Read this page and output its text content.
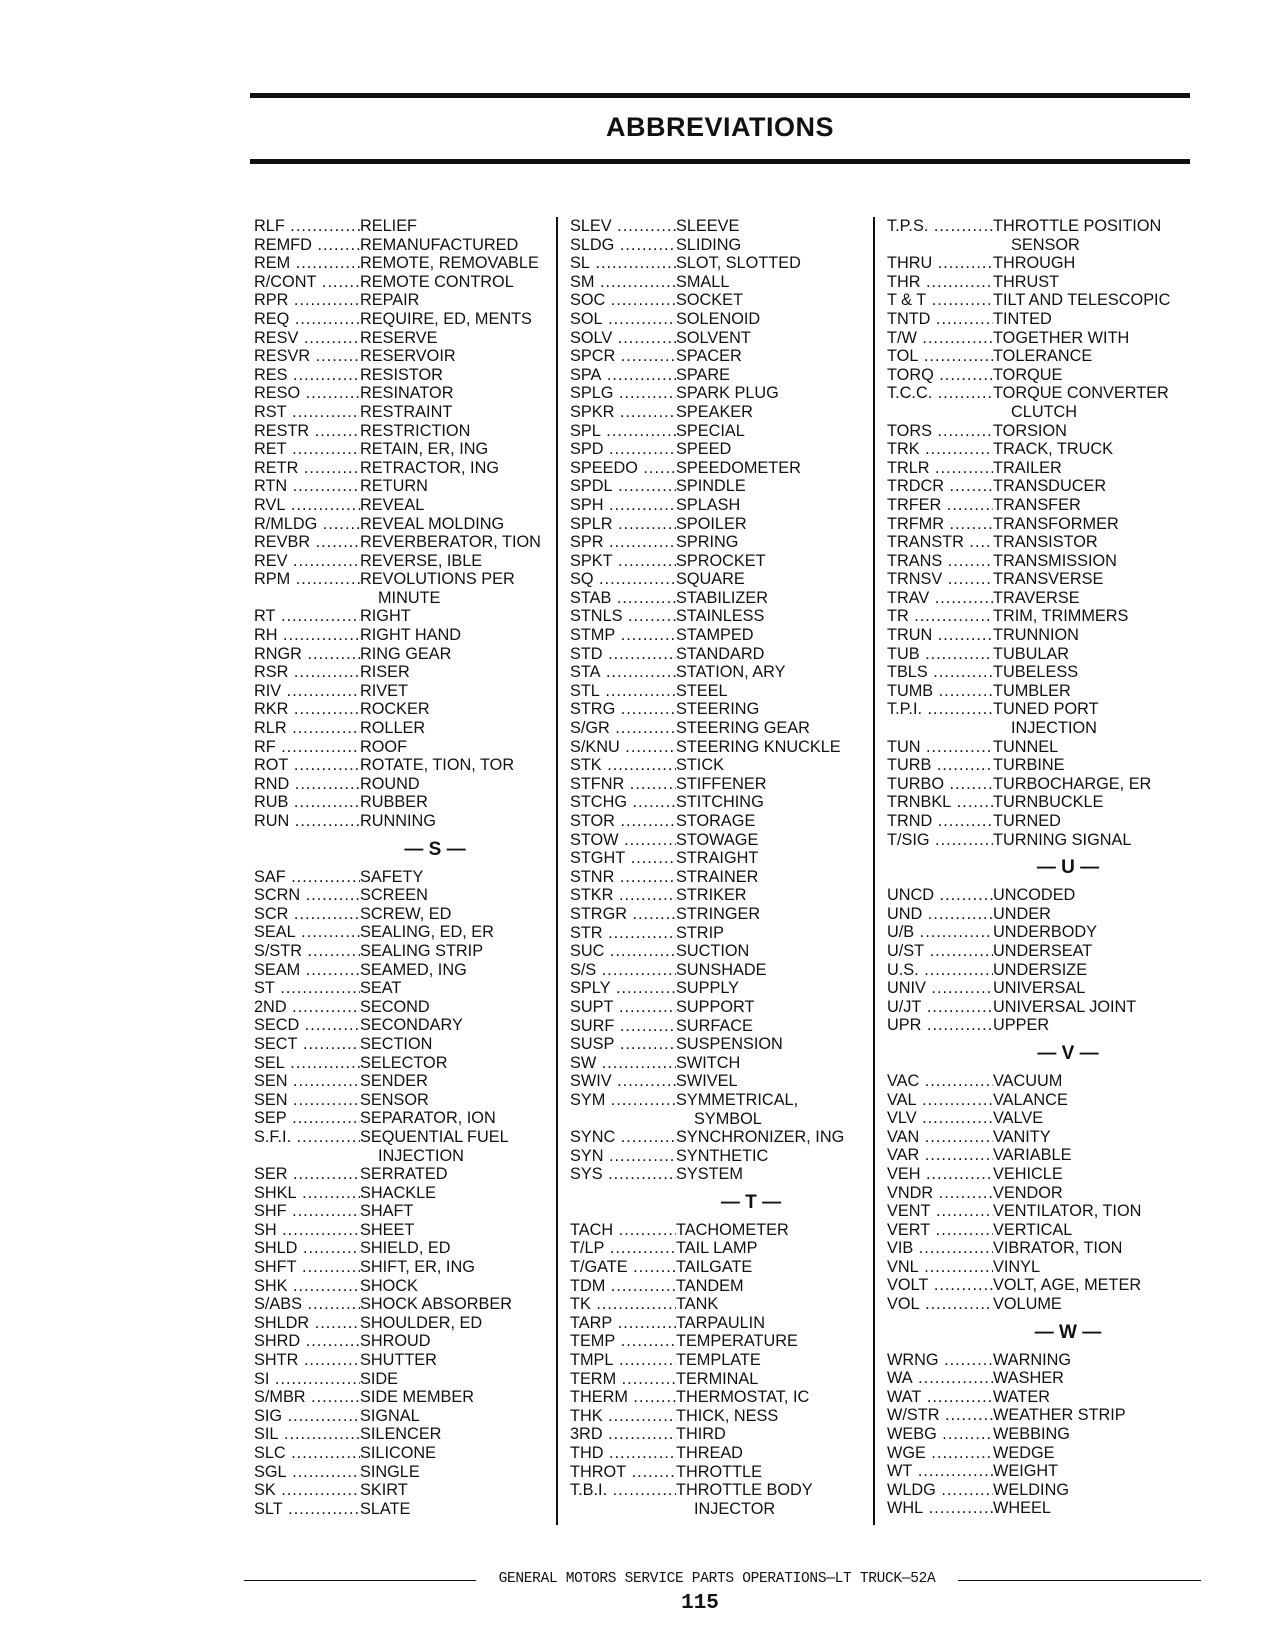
ABBREVIATIONS
RLF .....	RELIEF
REMFD .....	REMANUFACTURED
REM .....	REMOTE, REMOVABLE
R/CONT .....	REMOTE CONTROL
RPR .....	REPAIR
REQ .....	REQUIRE, ED, MENTS
RESV .....	RESERVE
RESVR .....	RESERVOIR
RES .....	RESISTOR
RESO .....	RESINATOR
RST .....	RESTRAINT
RESTR .....	RESTRICTION
RET .....	RETAIN, ER, ING
RETR .....	RETRACTOR, ING
RTN .....	RETURN
RVL .....	REVEAL
R/MLDG .....	REVEAL MOLDING
REVBR .....	REVERBERATOR, TION
REV .....	REVERSE, IBLE
RPM .....	REVOLUTIONS PER
MINUTE
RT .....	RIGHT
RH .....	RIGHT HAND
RNGR .....	RING GEAR
RSR .....	RISER
RIV .....	RIVET
RKR .....	ROCKER
RLR .....	ROLLER
RF .....	ROOF
ROT .....	ROTATE, TION, TOR
RND .....	ROUND
RUB .....	RUBBER
RUN .....	RUNNING
— S —
SAF .....	SAFETY
SCRN .....	SCREEN
SCR .....	SCREW, ED
SEAL .....	SEALING, ED, ER
S/STR .....	SEALING STRIP
SEAM .....	SEAMED, ING
ST .....	SEAT
2ND .....	SECOND
SECD .....	SECONDARY
SECT .....	SECTION
SEL .....	SELECTOR
SEN .....	SENDER
SEN .....	SENSOR
SEP .....	SEPARATOR, ION
S.F.I. .....	SEQUENTIAL FUEL
INJECTION
SER .....	SERRATED
SHKL .....	SHACKLE
SHF .....	SHAFT
SH .....	SHEET
SHLD .....	SHIELD, ED
SHFT .....	SHIFT, ER, ING
SHK .....	SHOCK
S/ABS .....	SHOCK ABSORBER
SHLDR .....	SHOULDER, ED
SHRD .....	SHROUD
SHTR .....	SHUTTER
SI .....	SIDE
S/MBR .....	SIDE MEMBER
SIG .....	SIGNAL
SIL .....	SILENCER
SLC .....	SILICONE
SGL .....	SINGLE
SK .....	SKIRT
SLT .....	SLATE
SLEV .....	SLEEVE
SLDG .....	SLIDING
SL .....	SLOT, SLOTTED
SM .....	SMALL
SOC .....	SOCKET
SOL .....	SOLENOID
SOLV .....	SOLVENT
SPCR .....	SPACER
SPA .....	SPARE
SPLG .....	SPARK PLUG
SPKR .....	SPEAKER
SPL .....	SPECIAL
SPD .....	SPEED
SPEEDO .....	SPEEDOMETER
SPDL .....	SPINDLE
SPH .....	SPLASH
SPLR .....	SPOILER
SPR .....	SPRING
SPKT .....	SPROCKET
SQ .....	SQUARE
STAB .....	STABILIZER
STNLS .....	STAINLESS
STMP .....	STAMPED
STD .....	STANDARD
STA .....	STATION, ARY
STL .....	STEEL
STRG .....	STEERING
S/GR .....	STEERING GEAR
S/KNU .....	STEERING KNUCKLE
STK .....	STICK
STFNR .....	STIFFENER
STCHG .....	STITCHING
STOR .....	STORAGE
STOW .....	STOWAGE
STGHT .....	STRAIGHT
STNR .....	STRAINER
STKR .....	STRIKER
STRGR .....	STRINGER
STR .....	STRIP
SUC .....	SUCTION
S/S .....	SUNSHADE
SPLY .....	SUPPLY
SUPT .....	SUPPORT
SURF .....	SURFACE
SUSP .....	SUSPENSION
SW .....	SWITCH
SWIV .....	SWIVEL
SYM .....	SYMMETRICAL,
SYMBOL
SYNC .....	SYNCHRONIZER, ING
SYN .....	SYNTHETIC
SYS .....	SYSTEM
— T —
TACH .....	TACHOMETER
T/LP .....	TAIL LAMP
T/GATE .....	TAILGATE
TDM .....	TANDEM
TK .....	TANK
TARP .....	TARPAULIN
TEMP .....	TEMPERATURE
TMPL .....	TEMPLATE
TERM .....	TERMINAL
THERM .....	THERMOSTAT, IC
THK .....	THICK, NESS
3RD .....	THIRD
THD .....	THREAD
THROT .....	THROTTLE
T.B.I. .....	THROTTLE BODY
INJECTOR
T.P.S. .....	THROTTLE POSITION
SENSOR
THRU .....	THROUGH
THR .....	THRUST
T & T .....	TILT AND TELESCOPIC
TNTD .....	TINTED
T/W .....	TOGETHER WITH
TOL .....	TOLERANCE
TORQ .....	TORQUE
T.C.C. .....	TORQUE CONVERTER
CLUTCH
TORS .....	TORSION
TRK .....	TRACK, TRUCK
TRLR .....	TRAILER
TRDCR .....	TRANSDUCER
TRFER .....	TRANSFER
TRFMR .....	TRANSFORMER
TRANSTR .....	TRANSISTOR
TRANS .....	TRANSMISSION
TRNSV .....	TRANSVERSE
TRAV .....	TRAVERSE
TR .....	TRIM, TRIMMERS
TRUN .....	TRUNNION
TUB .....	TUBULAR
TBLS .....	TUBELESS
TUMB .....	TUMBLER
T.P.I. .....	TUNED PORT
INJECTION
TUN .....	TUNNEL
TURB .....	TURBINE
TURBO .....	TURBOCHARGE, ER
TRNBKL .....	TURNBUCKLE
TRND .....	TURNED
T/SIG .....	TURNING SIGNAL
— U —
UNCD .....	UNCODED
UND .....	UNDER
U/B .....	UNDERBODY
U/ST .....	UNDERSEAT
U.S. .....	UNDERSIZE
UNIV .....	UNIVERSAL
U/JT .....	UNIVERSAL JOINT
UPR .....	UPPER
— V —
VAC .....	VACUUM
VAL .....	VALANCE
VLV .....	VALVE
VAN .....	VANITY
VAR .....	VARIABLE
VEH .....	VEHICLE
VNDR .....	VENDOR
VENT .....	VENTILATOR, TION
VERT .....	VERTICAL
VIB .....	VIBRATOR, TION
VNL .....	VINYL
VOLT .....	VOLT, AGE, METER
VOL .....	VOLUME
— W —
WRNG .....	WARNING
WA .....	WASHER
WAT .....	WATER
W/STR .....	WEATHER STRIP
WEBG .....	WEBBING
WGE .....	WEDGE
WT .....	WEIGHT
WLDG .....	WELDING
WHL .....	WHEEL
GENERAL MOTORS SERVICE PARTS OPERATIONS—LT TRUCK—52A
115
